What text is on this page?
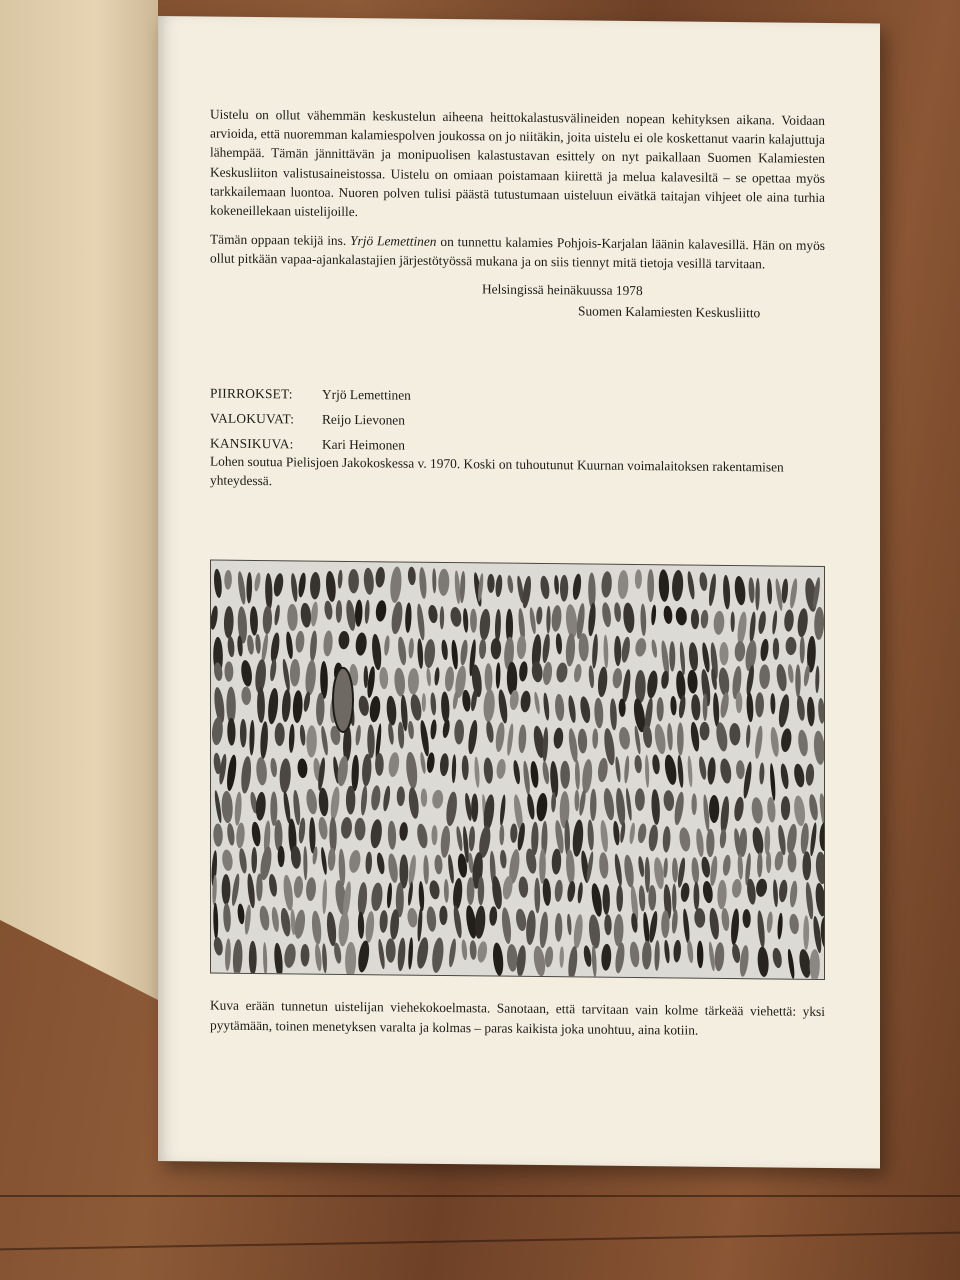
Uistelu on ollut vähemmän keskustelun aiheena heittokalastusvälineiden nopean kehityksen aikana. Voidaan arvioida, että nuoremman kalamiespolven joukossa on jo niitäkin, joita uistelu ei ole koskettanut vaarin kalajuttuja lähempää. Tämän jännittävän ja monipuolisen kalastustavan esittely on nyt paikallaan Suomen Kalamiesten Keskusliiton valistusaineistossa. Uistelu on omiaan poistamaan kiirettä ja melua kalavesiltä – se opettaa myös tarkkailemaan luontoa. Nuoren polven tulisi päästä tutustumaan uisteluun eivätkä taitajan vihjeet ole aina turhia kokeneillekaan uistelijoille.

Tämän oppaan tekijä ins. Yrjö Lemettinen on tunnettu kalamies Pohjois-Karjalan läänin kalavesillä. Hän on myös ollut pitkään vapaa-ajankalastajien järjestötyössä mukana ja on siis tiennyt mitä tietoja vesillä tarvitaan.

Helsingissä heinäkuussa 1978
Suomen Kalamiesten Keskusliitto
PIIRROKSET:	Yrjö Lemettinen
VALOKUVAT:	Reijo Lievonen
KANSIKUVA:	Kari Heimonen
Lohen soutua Pielisjoen Jakokoskessa v. 1970. Koski on tuhoutunut Kuurnan voimalaitoksen rakentamisen yhteydessä.
Kuva erään tunnetun uistelijan viehekokoelmasta. Sanotaan, että tarvitaan vain kolme tärkeää viehettä: yksi pyytämään, toinen menetyksen varalta ja kolmas – paras kaikista joka unohtuu, aina kotiin.
